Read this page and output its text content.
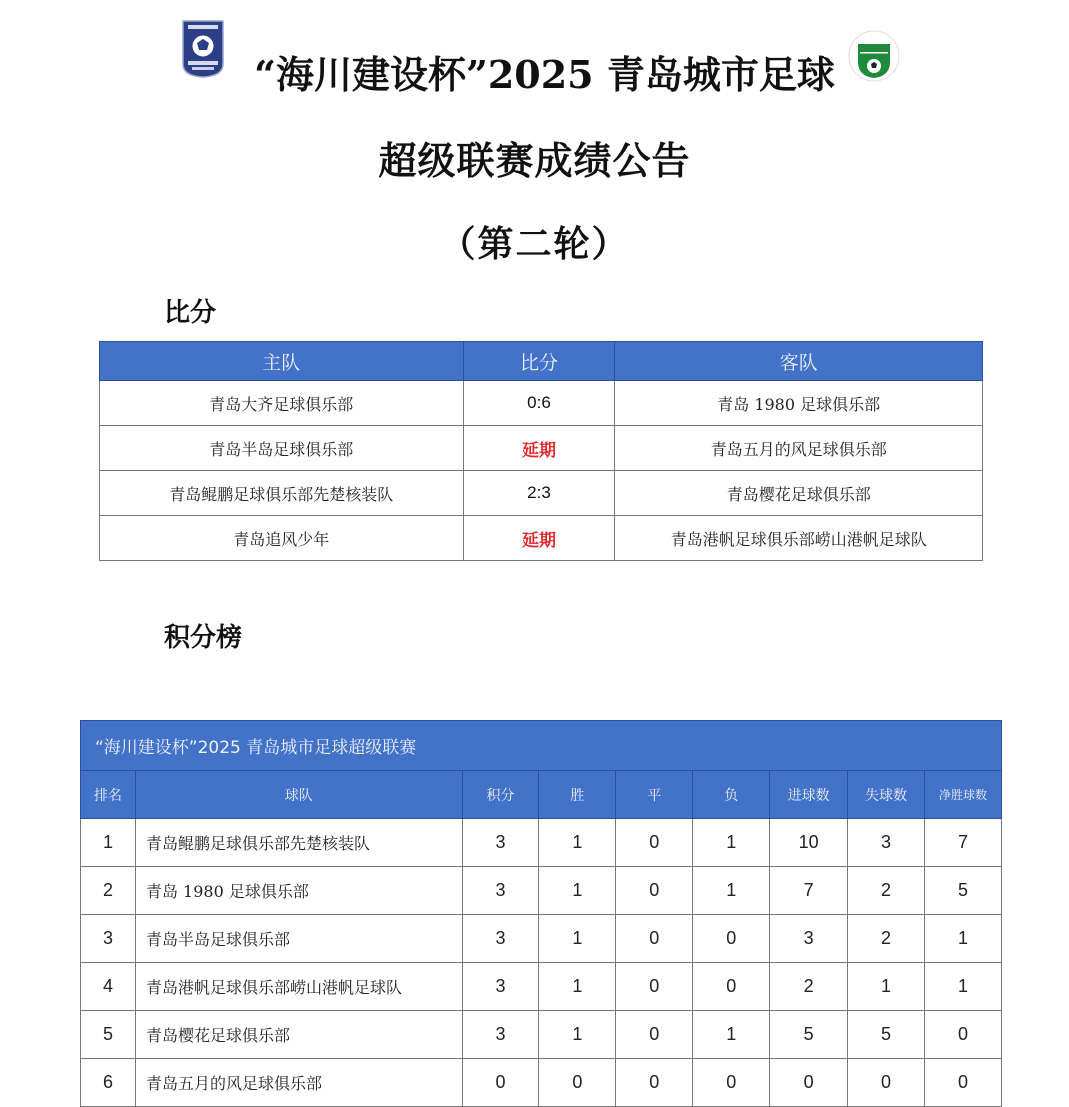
“海川建设杯”2025 青岛城市足球
超级联赛成绩公告
（第二轮）
比分
主队	比分	客队
青岛大齐足球俱乐部	0:6	青岛 1980 足球俱乐部
青岛半岛足球俱乐部	延期	青岛五月的风足球俱乐部
青岛鲲鹏足球俱乐部先楚核装队	2:3	青岛樱花足球俱乐部
青岛追风少年	延期	青岛港帆足球俱乐部崂山港帆足球队
积分榜
“海川建设杯”2025 青岛城市足球超级联赛								
排名	球队	积分	胜	平	负	进球数	失球数	净胜球数
1	青岛鲲鹏足球俱乐部先楚核装队	3	1	0	1	10	3	7
2	青岛 1980 足球俱乐部	3	1	0	1	7	2	5
3	青岛半岛足球俱乐部	3	1	0	0	3	2	1
4	青岛港帆足球俱乐部崂山港帆足球队	3	1	0	0	2	1	1
5	青岛樱花足球俱乐部	3	1	0	1	5	5	0
6	青岛五月的风足球俱乐部	0	0	0	0	0	0	0
